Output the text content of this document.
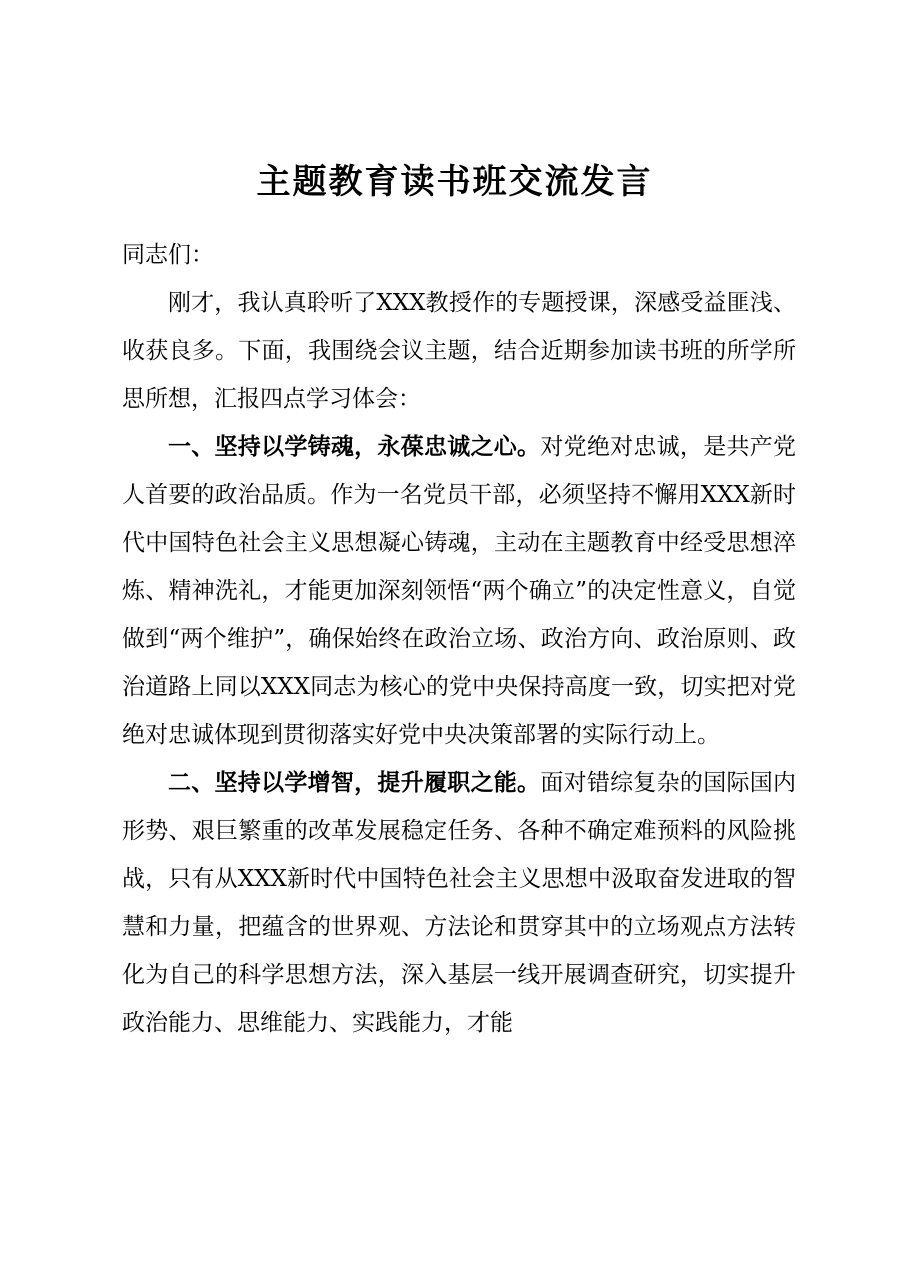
主题教育读书班交流发言

同志们：

刚才，我认真聆听了XXX教授作的专题授课，深感受益匪浅、收获良多。下面，我围绕会议主题，结合近期参加读书班的所学所思所想，汇报四点学习体会：

一、坚持以学铸魂，永葆忠诚之心。对党绝对忠诚，是共产党人首要的政治品质。作为一名党员干部，必须坚持不懈用XXX新时代中国特色社会主义思想凝心铸魂，主动在主题教育中经受思想淬炼、精神洗礼，才能更加深刻领悟“两个确立”的决定性意义，自觉做到“两个维护”，确保始终在政治立场、政治方向、政治原则、政治道路上同以XXX同志为核心的党中央保持高度一致，切实把对党绝对忠诚体现到贯彻落实好党中央决策部署的实际行动上。

二、坚持以学增智，提升履职之能。面对错综复杂的国际国内形势、艰巨繁重的改革发展稳定任务、各种不确定难预料的风险挑战，只有从XXX新时代中国特色社会主义思想中汲取奋发进取的智慧和力量，把蕴含的世界观、方法论和贯穿其中的立场观点方法转化为自己的科学思想方法，深入基层一线开展调查研究，切实提升政治能力、思维能力、实践能力，才能
